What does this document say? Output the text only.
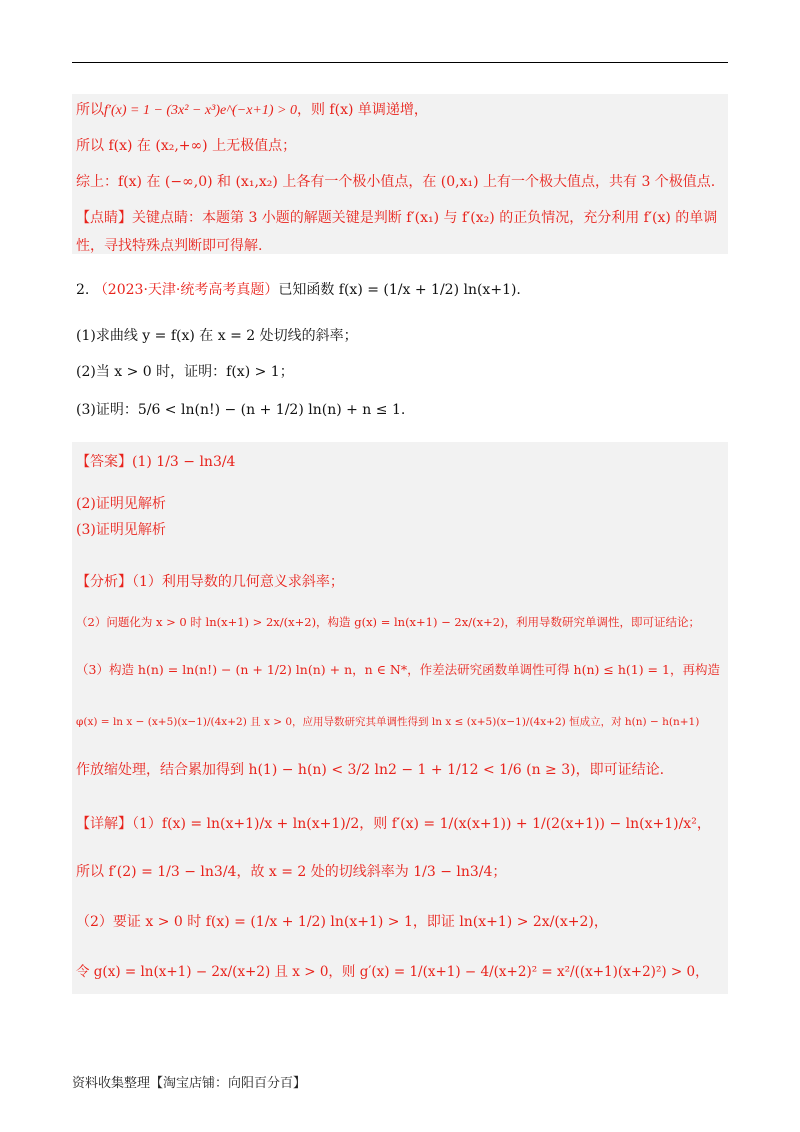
所以f′(x) = 1 − (3x² − x³)e^(−x+1) > 0，则 f(x) 单调递增，
所以 f(x) 在 (x₂,+∞) 上无极值点；
综上：f(x) 在 (−∞,0) 和 (x₁,x₂) 上各有一个极小值点，在 (0,x₁) 上有一个极大值点，共有 3 个极值点.
【点睛】关键点睛：本题第 3 小题的解题关键是判断 f′(x₁) 与 f′(x₂) 的正负情况，充分利用 f′(x) 的单调
性，寻找特殊点判断即可得解.
2. （2023·天津·统考高考真题）已知函数 f(x) = (1/x + 1/2) ln(x+1).
(1)求曲线 y = f(x) 在 x = 2 处切线的斜率；
(2)当 x > 0 时，证明：f(x) > 1；
(3)证明：5/6 < ln(n!) − (n + 1/2) ln(n) + n ≤ 1.
【答案】(1) 1/3 − ln3/4
(2)证明见解析
(3)证明见解析
【分析】（1）利用导数的几何意义求斜率；
（2）问题化为 x > 0 时 ln(x+1) > 2x/(x+2)，构造 g(x) = ln(x+1) − 2x/(x+2)，利用导数研究单调性，即可证结论；
（3）构造 h(n) = ln(n!) − (n + 1/2) ln(n) + n，n ∈ N*，作差法研究函数单调性可得 h(n) ≤ h(1) = 1，再构造
φ(x) = ln x − (x+5)(x−1)/(4x+2) 且 x > 0，应用导数研究其单调性得到 ln x ≤ (x+5)(x−1)/(4x+2) 恒成立，对 h(n) − h(n+1)
作放缩处理，结合累加得到 h(1) − h(n) < 3/2 ln2 − 1 + 1/12 < 1/6 (n ≥ 3)，即可证结论.
【详解】（1）f(x) = ln(x+1)/x + ln(x+1)/2，则 f′(x) = 1/(x(x+1)) + 1/(2(x+1)) − ln(x+1)/x²，
所以 f′(2) = 1/3 − ln3/4，故 x = 2 处的切线斜率为 1/3 − ln3/4；
（2）要证 x > 0 时 f(x) = (1/x + 1/2) ln(x+1) > 1，即证 ln(x+1) > 2x/(x+2)，
令 g(x) = ln(x+1) − 2x/(x+2) 且 x > 0，则 g′(x) = 1/(x+1) − 4/(x+2)² = x²/((x+1)(x+2)²) > 0，
资料收集整理【淘宝店铺：向阳百分百】
